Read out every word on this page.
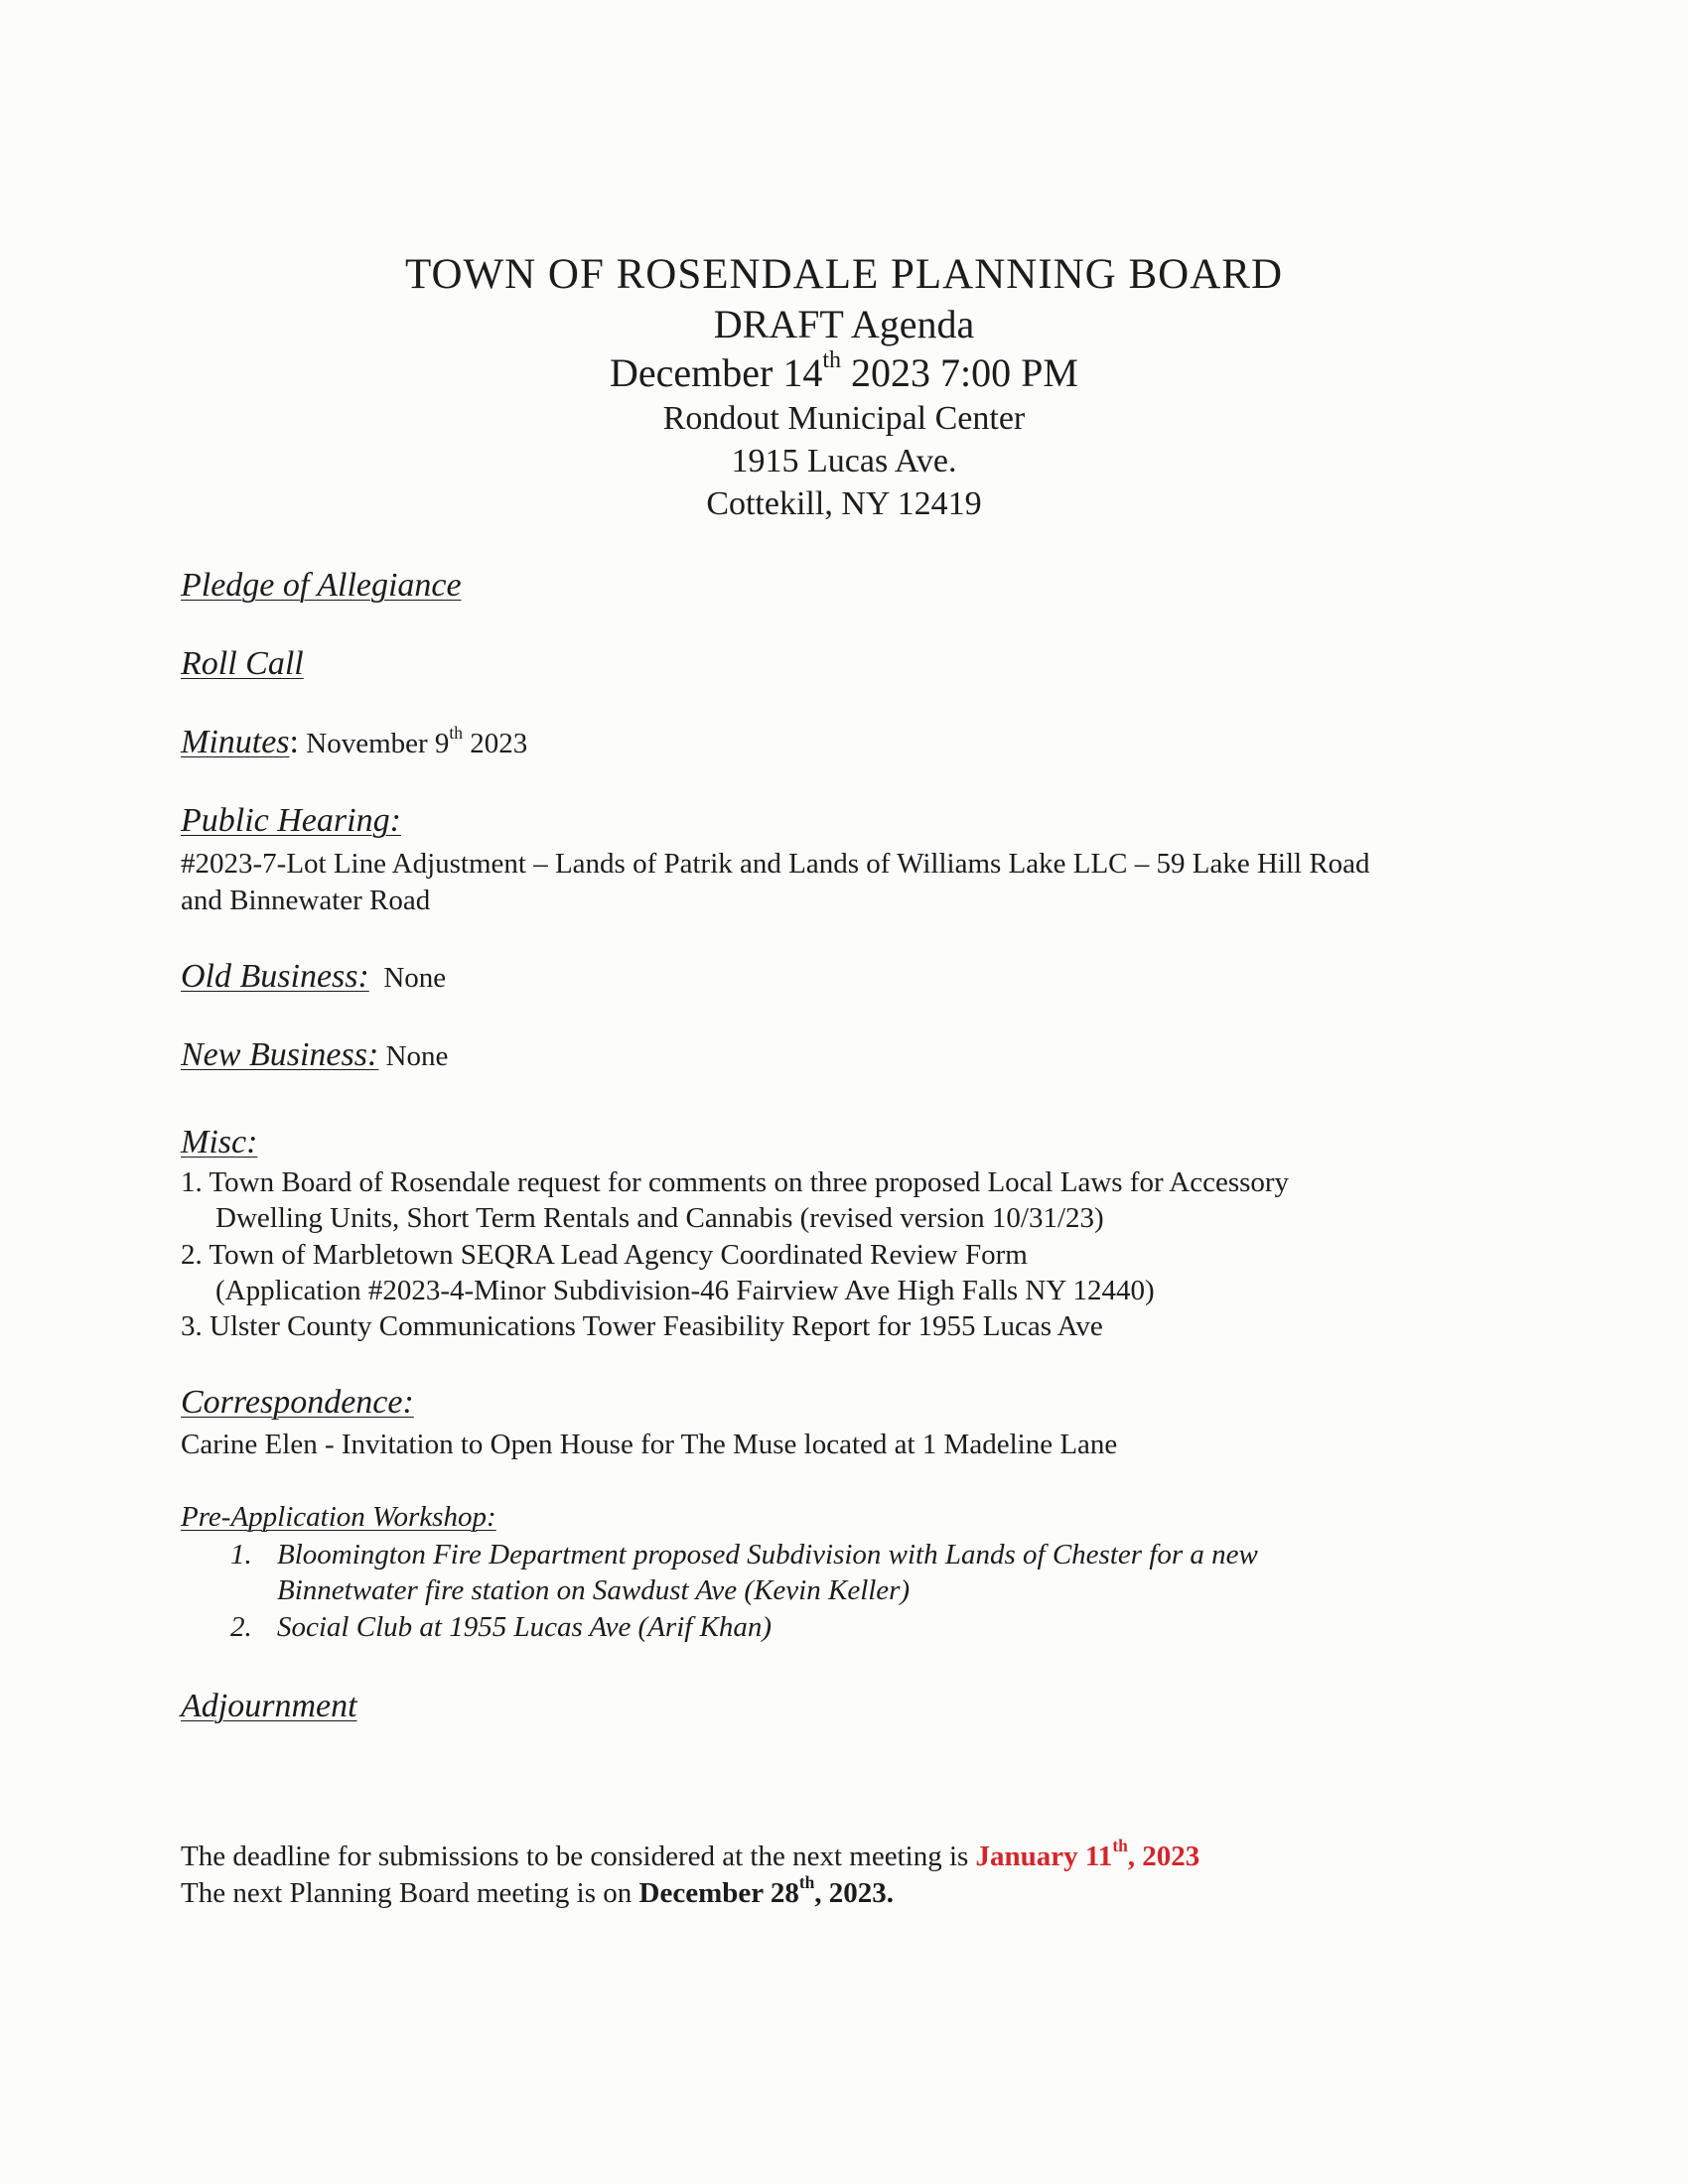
TOWN OF ROSENDALE PLANNING BOARD
DRAFT Agenda
December 14th 2023 7:00 PM
Rondout Municipal Center
1915 Lucas Ave.
Cottekill, NY 12419
Pledge of Allegiance
Roll Call
Minutes: November 9th 2023
Public Hearing:
#2023-7-Lot Line Adjustment – Lands of Patrik and Lands of Williams Lake LLC – 59 Lake Hill Road
and Binnewater Road
Old Business: None
New Business: None
Misc:
1. Town Board of Rosendale request for comments on three proposed Local Laws for Accessory
Dwelling Units, Short Term Rentals and Cannabis (revised version 10/31/23)
2. Town of Marbletown SEQRA Lead Agency Coordinated Review Form
(Application #2023-4-Minor Subdivision-46 Fairview Ave High Falls NY 12440)
3. Ulster County Communications Tower Feasibility Report for 1955 Lucas Ave
Correspondence:
Carine Elen - Invitation to Open House for The Muse located at 1 Madeline Lane
Pre-Application Workshop:
1. Bloomington Fire Department proposed Subdivision with Lands of Chester for a new
Binnetwater fire station on Sawdust Ave (Kevin Keller)
2. Social Club at 1955 Lucas Ave (Arif Khan)
Adjournment
The deadline for submissions to be considered at the next meeting is January 11th, 2023
The next Planning Board meeting is on December 28th, 2023.
